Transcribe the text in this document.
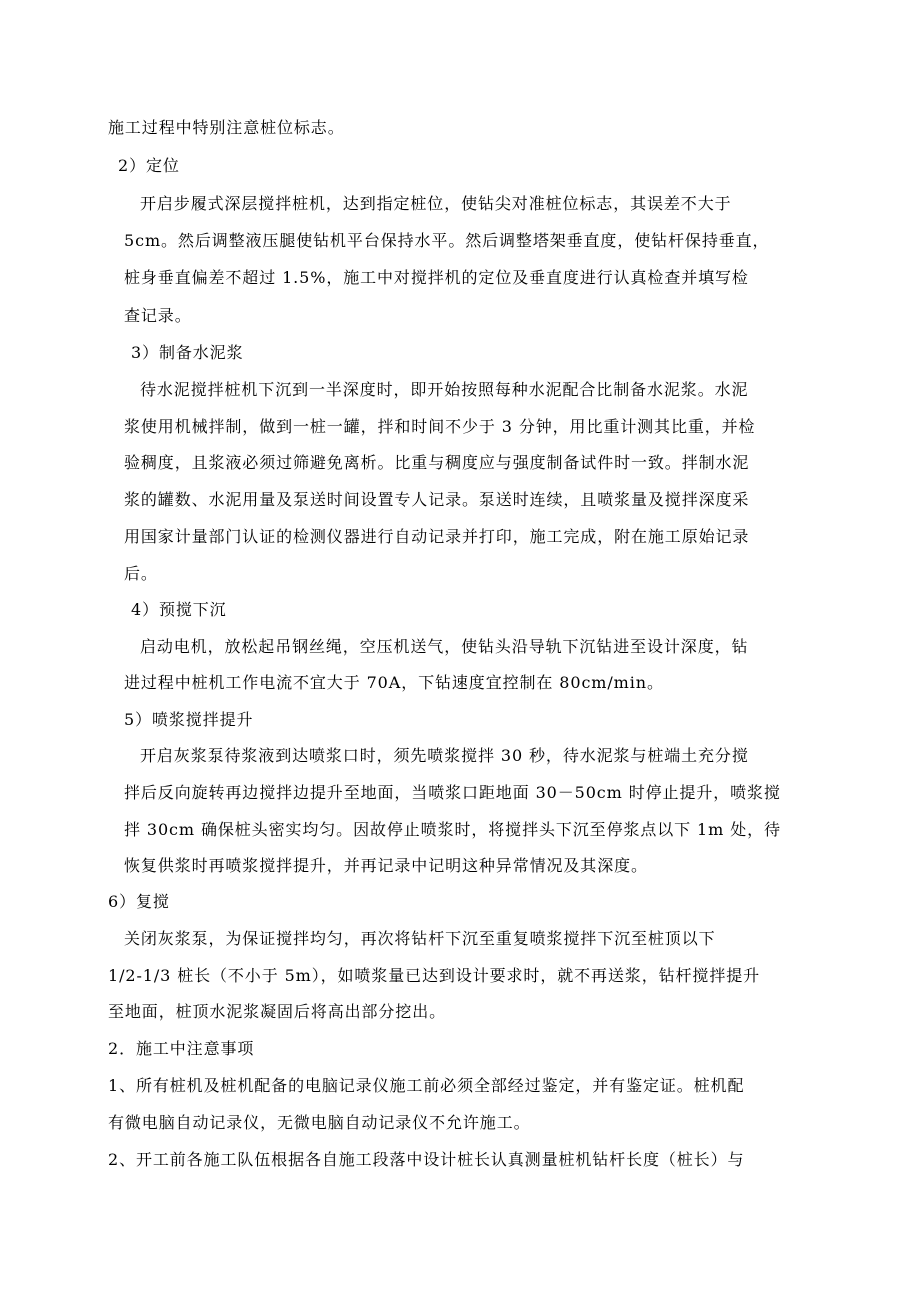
施工过程中特别注意桩位标志。
2）定位
开启步履式深层搅拌桩机，达到指定桩位，使钻尖对准桩位标志，其误差不大于
5cm。然后调整液压腿使钻机平台保持水平。然后调整塔架垂直度，使钻杆保持垂直，
桩身垂直偏差不超过 1.5%，施工中对搅拌机的定位及垂直度进行认真检查并填写检
查记录。
3）制备水泥浆
待水泥搅拌桩机下沉到一半深度时，即开始按照每种水泥配合比制备水泥浆。水泥
浆使用机械拌制，做到一桩一罐，拌和时间不少于 3 分钟，用比重计测其比重，并检
验稠度，且浆液必须过筛避免离析。比重与稠度应与强度制备试件时一致。拌制水泥
浆的罐数、水泥用量及泵送时间设置专人记录。泵送时连续，且喷浆量及搅拌深度采
用国家计量部门认证的检测仪器进行自动记录并打印，施工完成，附在施工原始记录
后。
4）预搅下沉
启动电机，放松起吊钢丝绳，空压机送气，使钻头沿导轨下沉钻进至设计深度，钻
进过程中桩机工作电流不宜大于 70A，下钻速度宜控制在 80cm/min。
5）喷浆搅拌提升
开启灰浆泵待浆液到达喷浆口时，须先喷浆搅拌 30 秒，待水泥浆与桩端土充分搅
拌后反向旋转再边搅拌边提升至地面，当喷浆口距地面 30－50cm 时停止提升，喷浆搅
拌 30cm 确保桩头密实均匀。因故停止喷浆时，将搅拌头下沉至停浆点以下 1m 处，待
恢复供浆时再喷浆搅拌提升，并再记录中记明这种异常情况及其深度。
6）复搅
关闭灰浆泵，为保证搅拌均匀，再次将钻杆下沉至重复喷浆搅拌下沉至桩顶以下
1/2-1/3 桩长（不小于 5m），如喷浆量已达到设计要求时，就不再送浆，钻杆搅拌提升
至地面，桩顶水泥浆凝固后将高出部分挖出。
2．施工中注意事项
1、所有桩机及桩机配备的电脑记录仪施工前必须全部经过鉴定，并有鉴定证。桩机配
有微电脑自动记录仪，无微电脑自动记录仪不允许施工。
2、开工前各施工队伍根据各自施工段落中设计桩长认真测量桩机钻杆长度（桩长）与
